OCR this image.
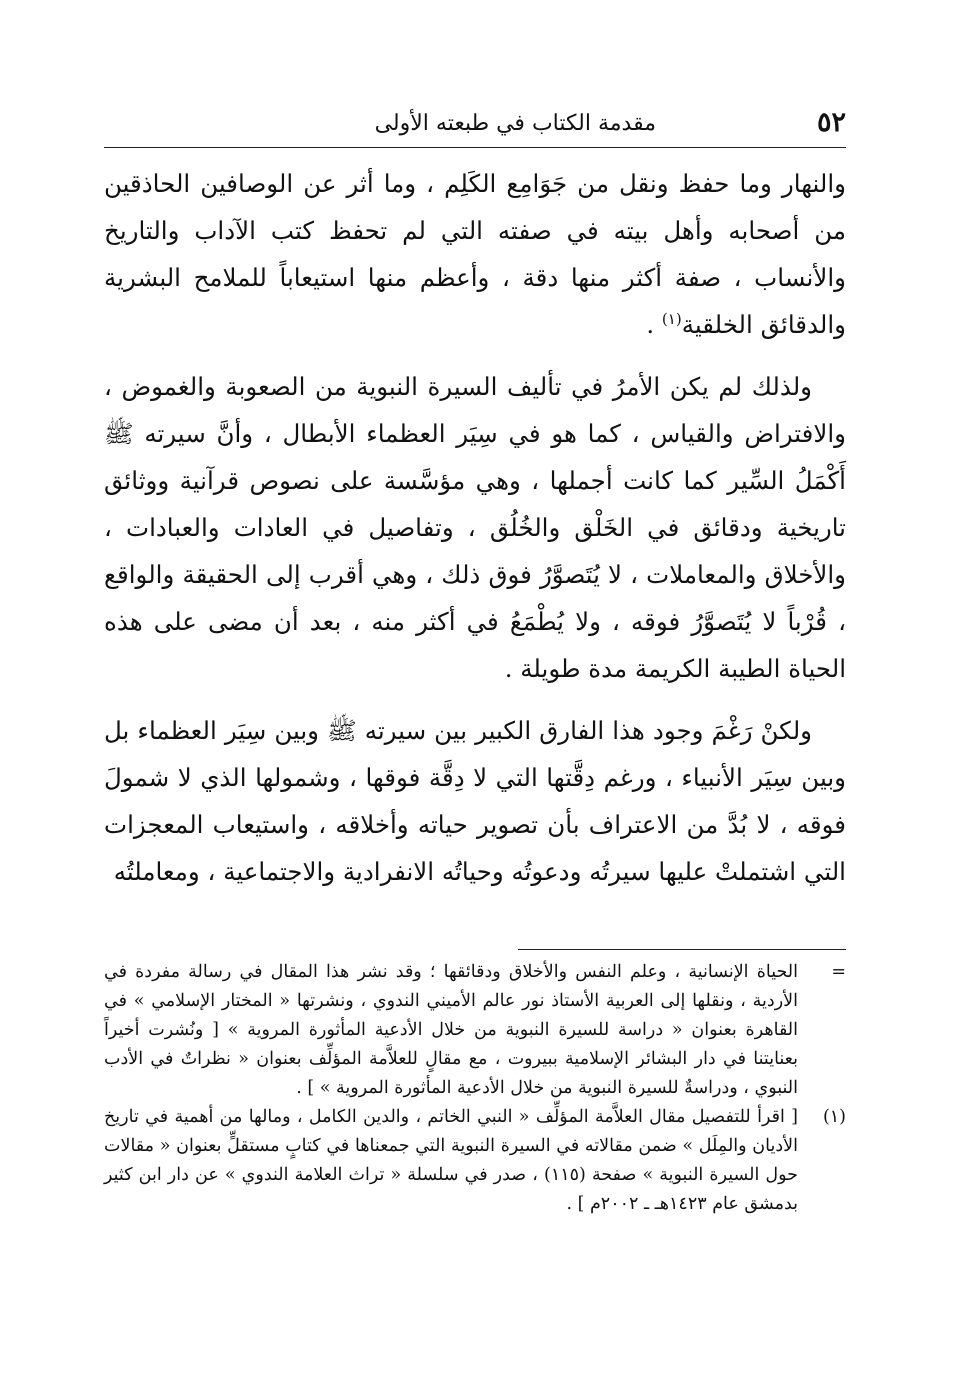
٥٢
مقدمة الكتاب في طبعته الأولى

والنهار وما حفظ ونقل من جَوَامِع الكَلِم ، وما أثر عن الوصافين الحاذقين من أصحابه وأهل بيته في صفته التي لم تحفظ كتب الآداب والتاريخ والأنساب ، صفة أكثر منها دقة ، وأعظم منها استيعاباً للملامح البشرية والدقائق الخلقية$^{(١)}$ .

ولذلك لم يكن الأمرُ في تأليف السيرة النبوية من الصعوبة والغموض ، والافتراض والقياس ، كما هو في سِيَر العظماء الأبطال ، وأنَّ سيرته ﷺ أَكْمَلُ السِّير كما كانت أجملها ، وهي مؤسَّسة على نصوص قرآنية ووثائق تاريخية ودقائق في الخَلْق والخُلُق ، وتفاصيل في العادات والعبادات ، والأخلاق والمعاملات ، لا يُتَصوَّرُ فوق ذلك ، وهي أقرب إلى الحقيقة والواقع ، قُرْباً لا يُتَصوَّرُ فوقه ، ولا يُطْمَعُ في أكثر منه ، بعد أن مضى على هذه الحياة الطيبة الكريمة مدة طويلة .

ولكنْ رَغْمَ وجود هذا الفارق الكبير بين سيرته ﷺ وبين سِيَر العظماء بل وبين سِيَر الأنبياء ، ورغم دِقَّتها التي لا دِقَّة فوقها ، وشمولها الذي لا شمولَ فوقه ، لا بُدَّ من الاعتراف بأن تصوير حياته وأخلاقه ، واستيعاب المعجزات التي اشتملتْ عليها سيرتُه ودعوتُه وحياتُه الانفرادية والاجتماعية ، ومعاملتُه

=
الحياة الإنسانية ، وعلم النفس والأخلاق ودقائقها ؛ وقد نشر هذا المقال في رسالة مفردة في الأردية ، ونقلها إلى العربية الأستاذ نور عالم الأميني الندوي ، ونشرتها « المختار الإسلامي » في القاهرة بعنوان « دراسة للسيرة النبوية من خلال الأدعية المأثورة المروية » [ ونُشرت أخيراً بعنايتنا في دار البشائر الإسلامية ببيروت ، مع مقالٍ للعلاَّمة المؤلِّف بعنوان « نظراتٌ في الأدب النبوي ، ودراسةٌ للسيرة النبوية من خلال الأدعية المأثورة المروية » ] .
(١)
[ اقرأ للتفصيل مقال العلاَّمة المؤلِّف « النبي الخاتم ، والدين الكامل ، ومالها من أهمية في تاريخ الأديان والمِلَل » ضمن مقالاته في السيرة النبوية التي جمعناها في كتابٍ مستقلٍّ بعنوان « مقالات حول السيرة النبوية » صفحة (١١٥) ، صدر في سلسلة « تراث العلامة الندوي » عن دار ابن كثير بدمشق عام ١٤٢٣هـ ـ ٢٠٠٢م ] .
